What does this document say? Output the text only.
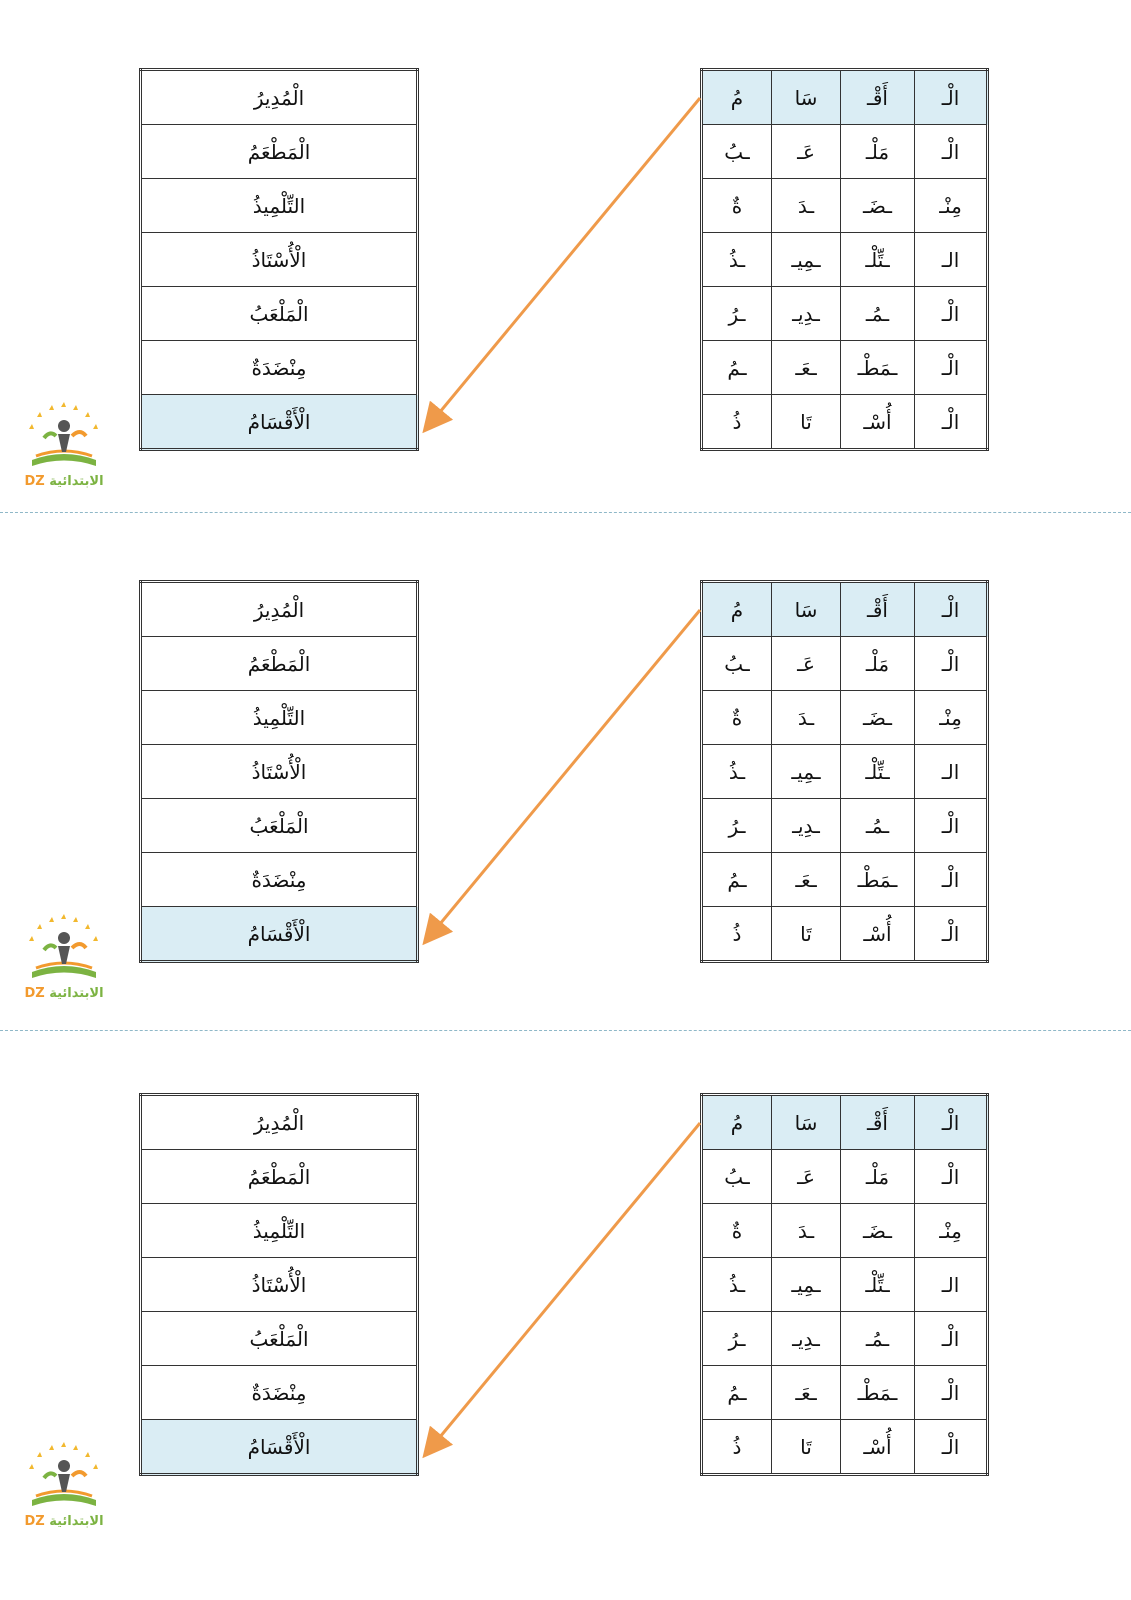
الْمُدِيرُ
الْمَطْعَمُ
التِّلْمِيذُ
الْأُسْتَاذُ
الْمَلْعَبُ
مِنْضَدَةٌ
الْأَقْسَامُ
الْـ	أَقْـ	سَا	مُ
الْـ	مَلْـ	عَـ	ـبُ
مِنْـ	ـضَـ	ـدَ	ةٌ
الـ	ـتِّلْـ	ـمِيـ	ـذُ
الْـ	ـمُـ	ـدِيـ	ـرُ
الْـ	ـمَطْـ	ـعَـ	ـمُ
الْـ	أُسْـ	تَا	ذُ
DZ الابتدائية
الْمُدِيرُ
الْمَطْعَمُ
التِّلْمِيذُ
الْأُسْتَاذُ
الْمَلْعَبُ
مِنْضَدَةٌ
الْأَقْسَامُ
الْـ	أَقْـ	سَا	مُ
الْـ	مَلْـ	عَـ	ـبُ
مِنْـ	ـضَـ	ـدَ	ةٌ
الـ	ـتِّلْـ	ـمِيـ	ـذُ
الْـ	ـمُـ	ـدِيـ	ـرُ
الْـ	ـمَطْـ	ـعَـ	ـمُ
الْـ	أُسْـ	تَا	ذُ
DZ الابتدائية
الْمُدِيرُ
الْمَطْعَمُ
التِّلْمِيذُ
الْأُسْتَاذُ
الْمَلْعَبُ
مِنْضَدَةٌ
الْأَقْسَامُ
الْـ	أَقْـ	سَا	مُ
الْـ	مَلْـ	عَـ	ـبُ
مِنْـ	ـضَـ	ـدَ	ةٌ
الـ	ـتِّلْـ	ـمِيـ	ـذُ
الْـ	ـمُـ	ـدِيـ	ـرُ
الْـ	ـمَطْـ	ـعَـ	ـمُ
الْـ	أُسْـ	تَا	ذُ
DZ الابتدائية
